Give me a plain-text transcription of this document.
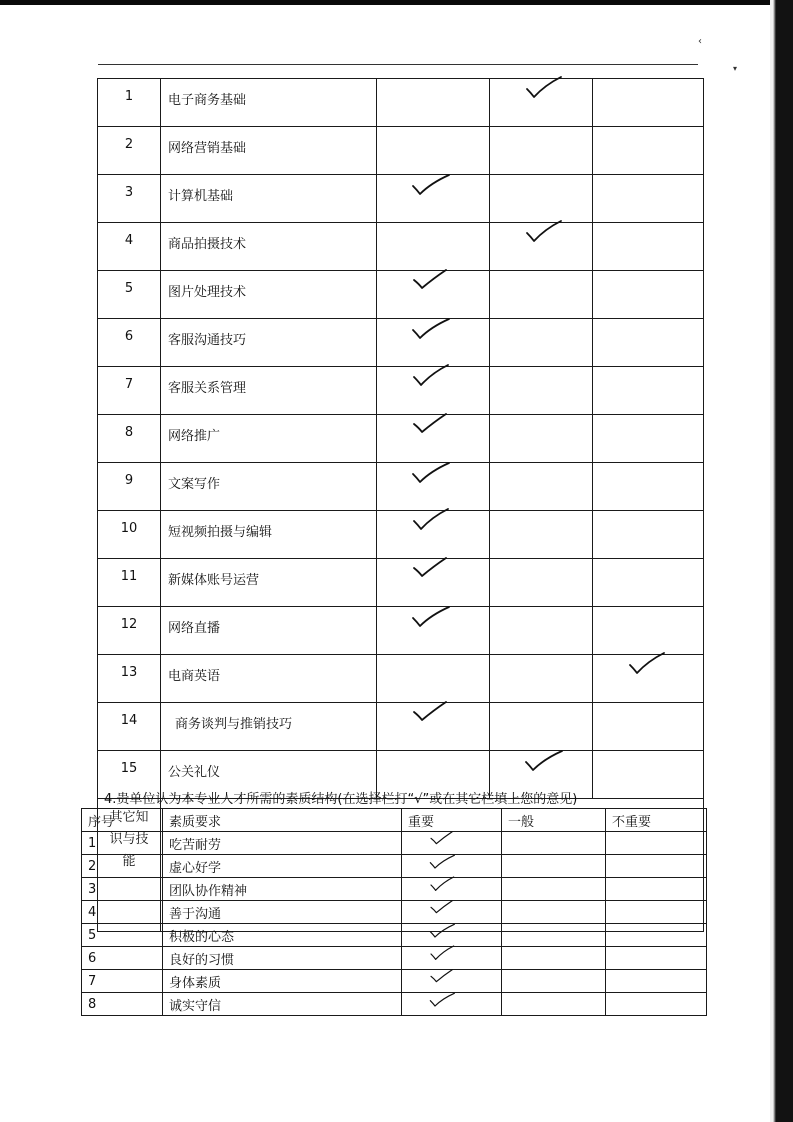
‹
▾
1	电子商务基础		

2	网络营销基础			
3	计算机基础	

4	商品拍摄技术		

5	图片处理技术	

6	客服沟通技巧	

7	客服关系管理	

8	网络推广	

9	文案写作	

10	短视频拍摄与编辑	

11	新媒体账号运营	

12	网络直播	

13	电商英语			

14	商务谈判与推销技巧	

15	公关礼仪		

其它知
识与技
能				

4.贵单位认为本专业人才所需的素质结构(在选择栏打“√”或在其它栏填上您的意见)
序号	素质要求	重要	一般	不重要
1	吃苦耐劳	

2	虚心好学	

3	团队协作精神	

4	善于沟通	

5	积极的心态	

6	良好的习惯	

7	身体素质	

8	诚实守信	
